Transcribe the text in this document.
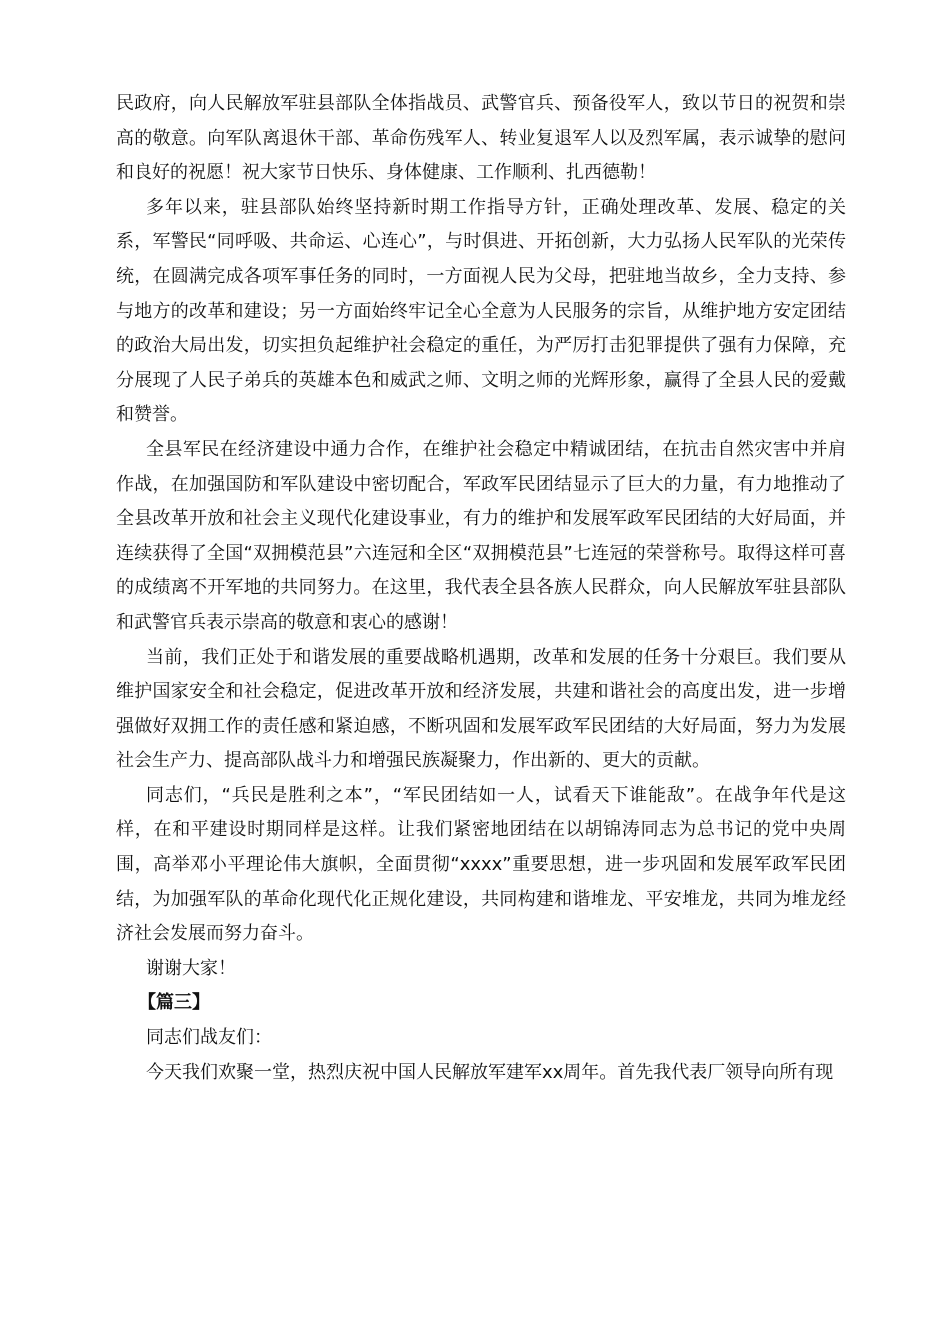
民政府，向人民解放军驻县部队全体指战员、武警官兵、预备役军人，致以节日的祝贺和崇高的敬意。向军队离退休干部、革命伤残军人、转业复退军人以及烈军属，表示诚挚的慰问和良好的祝愿！祝大家节日快乐、身体健康、工作顺利、扎西德勒！

多年以来，驻县部队始终坚持新时期工作指导方针，正确处理改革、发展、稳定的关系，军警民“同呼吸、共命运、心连心”，与时俱进、开拓创新，大力弘扬人民军队的光荣传统，在圆满完成各项军事任务的同时，一方面视人民为父母，把驻地当故乡，全力支持、参与地方的改革和建设；另一方面始终牢记全心全意为人民服务的宗旨，从维护地方安定团结的政治大局出发，切实担负起维护社会稳定的重任，为严厉打击犯罪提供了强有力保障，充分展现了人民子弟兵的英雄本色和威武之师、文明之师的光辉形象，赢得了全县人民的爱戴和赞誉。

全县军民在经济建设中通力合作，在维护社会稳定中精诚团结，在抗击自然灾害中并肩作战，在加强国防和军队建设中密切配合，军政军民团结显示了巨大的力量，有力地推动了全县改革开放和社会主义现代化建设事业，有力的维护和发展军政军民团结的大好局面，并连续获得了全国“双拥模范县”六连冠和全区“双拥模范县”七连冠的荣誉称号。取得这样可喜的成绩离不开军地的共同努力。在这里，我代表全县各族人民群众，向人民解放军驻县部队和武警官兵表示崇高的敬意和衷心的感谢！

当前，我们正处于和谐发展的重要战略机遇期，改革和发展的任务十分艰巨。我们要从维护国家安全和社会稳定，促进改革开放和经济发展，共建和谐社会的高度出发，进一步增强做好双拥工作的责任感和紧迫感，不断巩固和发展军政军民团结的大好局面，努力为发展社会生产力、提高部队战斗力和增强民族凝聚力，作出新的、更大的贡献。

同志们，“兵民是胜利之本”，“军民团结如一人，试看天下谁能敌”。在战争年代是这样，在和平建设时期同样是这样。让我们紧密地团结在以胡锦涛同志为总书记的党中央周围，高举邓小平理论伟大旗帜，全面贯彻“xxxx”重要思想，进一步巩固和发展军政军民团结，为加强军队的革命化现代化正规化建设，共同构建和谐堆龙、平安堆龙，共同为堆龙经济社会发展而努力奋斗。

谢谢大家！

【篇三】

同志们战友们：

今天我们欢聚一堂，热烈庆祝中国人民解放军建军xx周年。首先我代表厂领导向所有现
